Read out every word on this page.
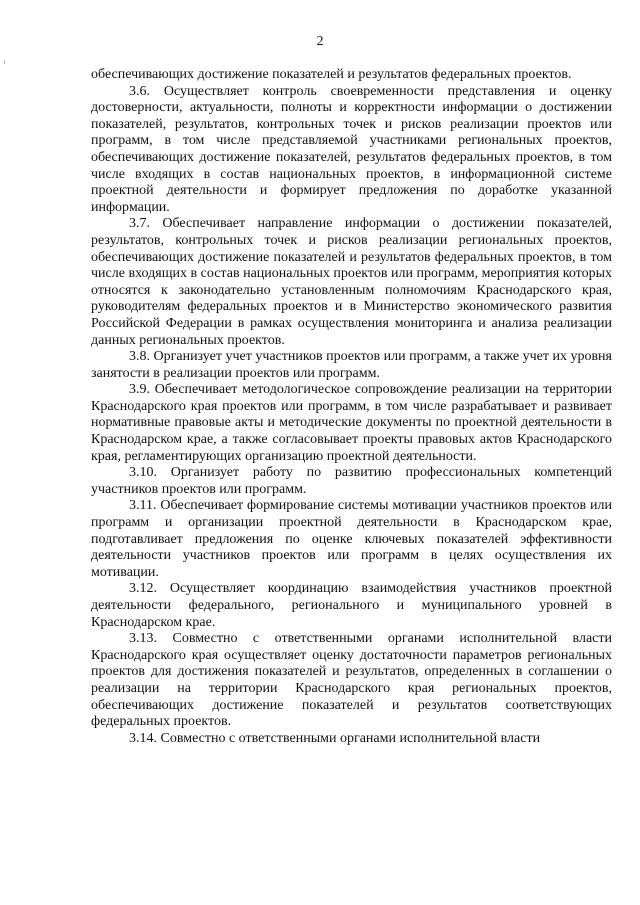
2

обеспечивающих достижение показателей и результатов федеральных проектов.

3.6. Осуществляет контроль своевременности представления и оценку достоверности, актуальности, полноты и корректности информации о достижении показателей, результатов, контрольных точек и рисков реализации проектов или программ, в том числе представляемой участниками региональных проектов, обеспечивающих достижение показателей, результатов федеральных проектов, в том числе входящих в состав национальных проектов, в информационной системе проектной деятельности и формирует предложения по доработке указанной информации.

3.7. Обеспечивает направление информации о достижении показателей, результатов, контрольных точек и рисков реализации региональных проектов, обеспечивающих достижение показателей и результатов федеральных проектов, в том числе входящих в состав национальных проектов или программ, мероприятия которых относятся к законодательно установленным полномочиям Краснодарского края, руководителям федеральных проектов и в Министерство экономического развития Российской Федерации в рамках осуществления мониторинга и анализа реализации данных региональных проектов.

3.8. Организует учет участников проектов или программ, а также учет их уровня занятости в реализации проектов или программ.

3.9. Обеспечивает методологическое сопровождение реализации на территории Краснодарского края проектов или программ, в том числе разрабатывает и развивает нормативные правовые акты и методические документы по проектной деятельности в Краснодарском крае, а также согласовывает проекты правовых актов Краснодарского края, регламентирующих организацию проектной деятельности.

3.10. Организует работу по развитию профессиональных компетенций участников проектов или программ.

3.11. Обеспечивает формирование системы мотивации участников проектов или программ и организации проектной деятельности в Краснодарском крае, подготавливает предложения по оценке ключевых показателей эффективности деятельности участников проектов или программ в целях осуществления их мотивации.

3.12. Осуществляет координацию взаимодействия участников проектной деятельности федерального, регионального и муниципального уровней в Краснодарском крае.

3.13. Совместно с ответственными органами исполнительной власти Краснодарского края осуществляет оценку достаточности параметров региональных проектов для достижения показателей и результатов, определенных в соглашении о реализации на территории Краснодарского края региональных проектов, обеспечивающих достижение показателей и результатов соответствующих федеральных проектов.

3.14. Совместно с ответственными органами исполнительной власти
